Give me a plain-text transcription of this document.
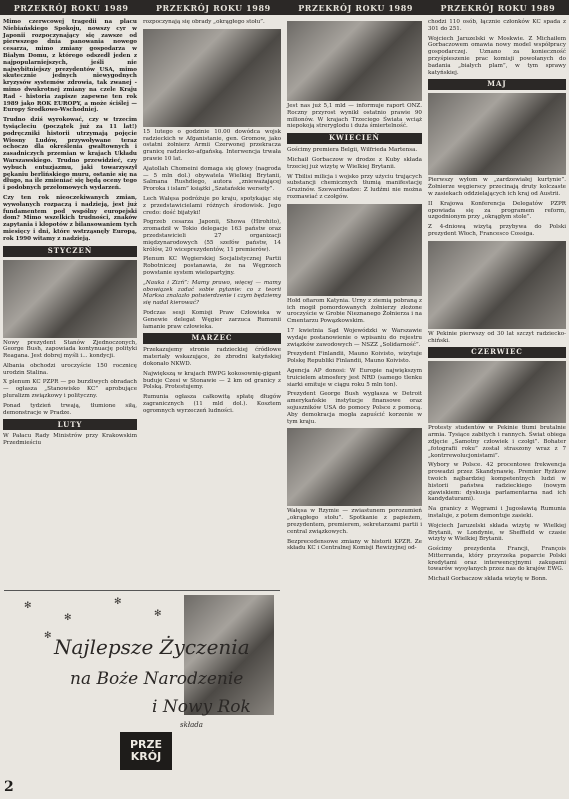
PRZEKRÓJ ROKU 1989	PRZEKRÓJ ROKU 1989	PRZEKRÓJ ROKU 1989	PRZEKRÓJ ROKU 1989
Mimo czerwcowej tragedii na placu Niebiańskiego Spokoju, nowszy cyr w Japonii rozpoczynający się zawsze od pierwszego dnia panowania nowego cesarza, mimo zmiany gospodarza w Białym Domu, z którego odszedł jeden z najpopularniejszych, jeśli nie najwybitniejszy prezydentów USA, mimo skutecznie jednych niewygodnych kryzysów systemów zdrowia, tak zwanej - mimo dwukrotnej zmiany na czele Kraju Rad - historia zapisze zapewne ten rok 1989 jako ROK EUROPY, a może ściślej — Europy Środkowo-Wschodniej.
Trudno dziś wyrokować, czy w trzecim tysiącleciu (początek już za 11 lat!) podręczniki historii utrzymają pojęcie Wiosny Ludów, przywoływane teraz ochoczo dla określenia gwałtownych i zasadniczych przemian w krajach Układu Warszawskiego. Trudno przewidzieć, czy wybuch entuzjazmu, jaki towarzyszył pękaniu berlińskiego muru, ostanie się na długo, na ile zmieniać się będą oceny tego i podobnych przełomowych wydarzeń.
Czy ten rok nieoczekiwanych zmian, wywołanych rozpaczą i nadzieją, jest już fundamentem pod wspólny europejski dom? Mimo wszelkich trudności, znaków zapytania i kłopotów z bilansowaniem tych miesięcy i dni, które wstrząsnęły Europą, rok 1990 witamy z nadzieją.
STYCZEŃ
Nowy prezydent Stanów Zjednoczonych, George Bush, zapowiada kontynuację polityki Reagana. Jest dobrej myśli i... kondycji.
Albania obchodzi uroczyście 150 rocznicę urodzin Stalina.
X plenum KC PZPR — po burzliwych obradach — ogłasza „Stanowisko KC” aprobujące pluralizm związkowy i polityczny.
Ponad tydzień trwają, tłumione siłą, demonstracje w Pradze.
LUTY
W Pałacu Rady Ministrów przy Krakowskim Przedmieściu
rozpoczynają się obrady „okrągłego stołu”.
15 lutego o godzinie 10.00 dowódca wojsk radzieckich w Afganistanie, gen. Gromow, jako ostatni żołnierz Armii Czerwonej przekracza granicę radziecko-afgańską. Interwencja trwała prawie 10 lat.
Ajatollah Chomeini domaga się głowy (nagroda — 5 mln dol.) obywatela Wielkiej Brytanii, Salmana Rushdiego, autora „znieważającej Proroka i islam” książki „Szatańskie wersety”.
Lech Wałęsa podróżuje po kraju, spotykając się z przedstawicielami różnych środowisk. Jego credo: dość bijatyki!
Pogrzeb cesarza Japonii, Showa (Hirohito), zromadził w Tokio delegacje 163 państw oraz przedstawicieli 27 organizacji międzynarodowych (55 szefów państw, 14 królów, 20 wiceprezydentów, 11 premierów).
Plenum KC Węgierskiej Socjalistycznej Partii Robotniczej postanawia, że na Węgrzech powstanie system wielopartyjny.
„Nauka i Zizń”: Mamy prawo, więcej — mamy obowiązek zadać sobie pytanie: co z teorii Marksa znalazło potwierdzenie i czym będziemy się nadal kierować?
Podczas sesji Komisji Praw Człowieka w Genewie delegat Węgier zarzuca Rumunii łamanie praw człowieka.
MARZEC
Przekazujemy stronie radzieckiej ćródłowe materiały wskazujące, że zbrodni katyńskiej dokonało NKWD.
Największą w krajach RWPG kokosownię-gigant buduje Czesi w Stonawie — 2 km od granicy z Polską. Protestujemy.
Rumunia ogłasza całkowitą spłatę długów zagranicznych (11 mld dol.). Kosztem ogromnych wyrzeczeń ludności.
Jest nas już 5,1 mld — informuje raport ONZ. Roczny przyrost wynikł ostatnio prawie 90 milionów. W krajach Trzeciego Świata wciąż niepokoją streryglodu i duża śmiertelność.
KWIECIEŃ
Gościmy premiera Belgii, Wilfrieda Martensa.
Michaił Gorbaczow w drodze z Kuby składa trzeciej już wizytę w Wielkiej Brytanii.
W Tbilisi milicja i wojsko przy użyciu trujących substancji chemicznych tłumią manifestację Gruzinów. Szewardnadze: Z ludźmi nie można rozmawiać z czołgów.
Hołd ofiarom Katynia. Urny z ziemią pobraną z ich mogił pomordowanych żołnierzy złożone uroczyście w Grobie Nieznanego Żołnierza i na Cmentarzu Powązkowskim.
17 kwietnia Sąd Wojewódzki w Warszawie wydaje postanowienie o wpisaniu do rejestru związków zawodowych — NSZZ „Solidarność”.
Prezydent Finlandii, Mauno Koivisto, wizytuje Polskę Republiki Finlandii, Mauno Koivisto.
Agencja AP donosi: W Europie największym truicielem atmosfery jest NRD (samego tlenku siarki emituje w ciągu roku 5 mln ton).
Prezydent George Bush wygłasza w Detroit amerykańskie instytucje finansowe oraz sojuszników USA do pomocy Polsce z pomocą. Aby demokracja mogła zapuścić korzenie w tym kraju.
Wałęsa w Rzymie — zwiastunem porozumień „okrągłego stołu”. Spotkanie z papieżem, prezydentem, premierem, sekretarzami partii i central związkowych.
Bezprecedensowe zmiany w historii KPZR. Ze składu KC i Centralnej Komisji Rewizyjnej od-
chodzi 110 osób, łącznie członków KC spada z 301 do 251.
Wojciech Jaruzelski w Moskwie. Z Michaiłem Gorbaczowem omawia nowy model współpracy gospodarczej. Uznano za konieczność przyśpieszenie prac komisji powołanych do badania „białych plam”, w tym sprawy katyńskiej.
MAJ
Pierwszy wyłom w „zardzewiałej kurtynie”. Żołnierze węgierscy przecinają druty kolczaste w zasiekach oddzielających ich kraj od Austrii.
II Krajowa Konferencja Delegatów PZPR opowiada się za programem reform, uzgodnionym przy „okrągłym stole”.
Z 4-dniową wizytą przybywa do Polski prezydent Włoch, Francesco Cossiga.
W Pekinie pierwszy od 30 lat szczyt radziecko-chiński.
CZERWIEC
Protesty studentów w Pekinie tłumi brutalnie armia. Tysiące zabitych i rannych. Świat obiega zdjęcie „Samotny człowiek i czołgi”. Bohater „fotografii roku” został straszony wraz z 7 „kontrrewolucjonistami”.
Wybory w Polsce. 42 procentowe frekwencja prowadzi przez Skandynawię. Premier Ryżkow twoich najbardziej kompetentnych ludzi w historii państwa radzieckiego (nowym zjawiskiem: dyskusja parlamentarna nad ich kandydaturami).
Na granicy z Węgrami i Jugosławią Rumunia instaluje, z potem demontuje zasieki.
Wojciech Jaruzelski składa wizytę w Wielkiej Brytanii, w Londynie, w Sheffield w czasie wizyty w Wielkiej Brytanii.
Gościmy prezydenta Francji, François Mitterranda, który przyrzeka poparcie Polski kredytami oraz interwencyjnymi zakupami towarów wysyłanych przez nas do krajów EWG.
Michaił Gorbaczow składa wizytę w Bonn.
✻
✻
✻
✻
✻ Najlepsze Życzenia
na Boże Narodzenie
i Nowy Rok
składa
PRZE
KRÓJ
2
